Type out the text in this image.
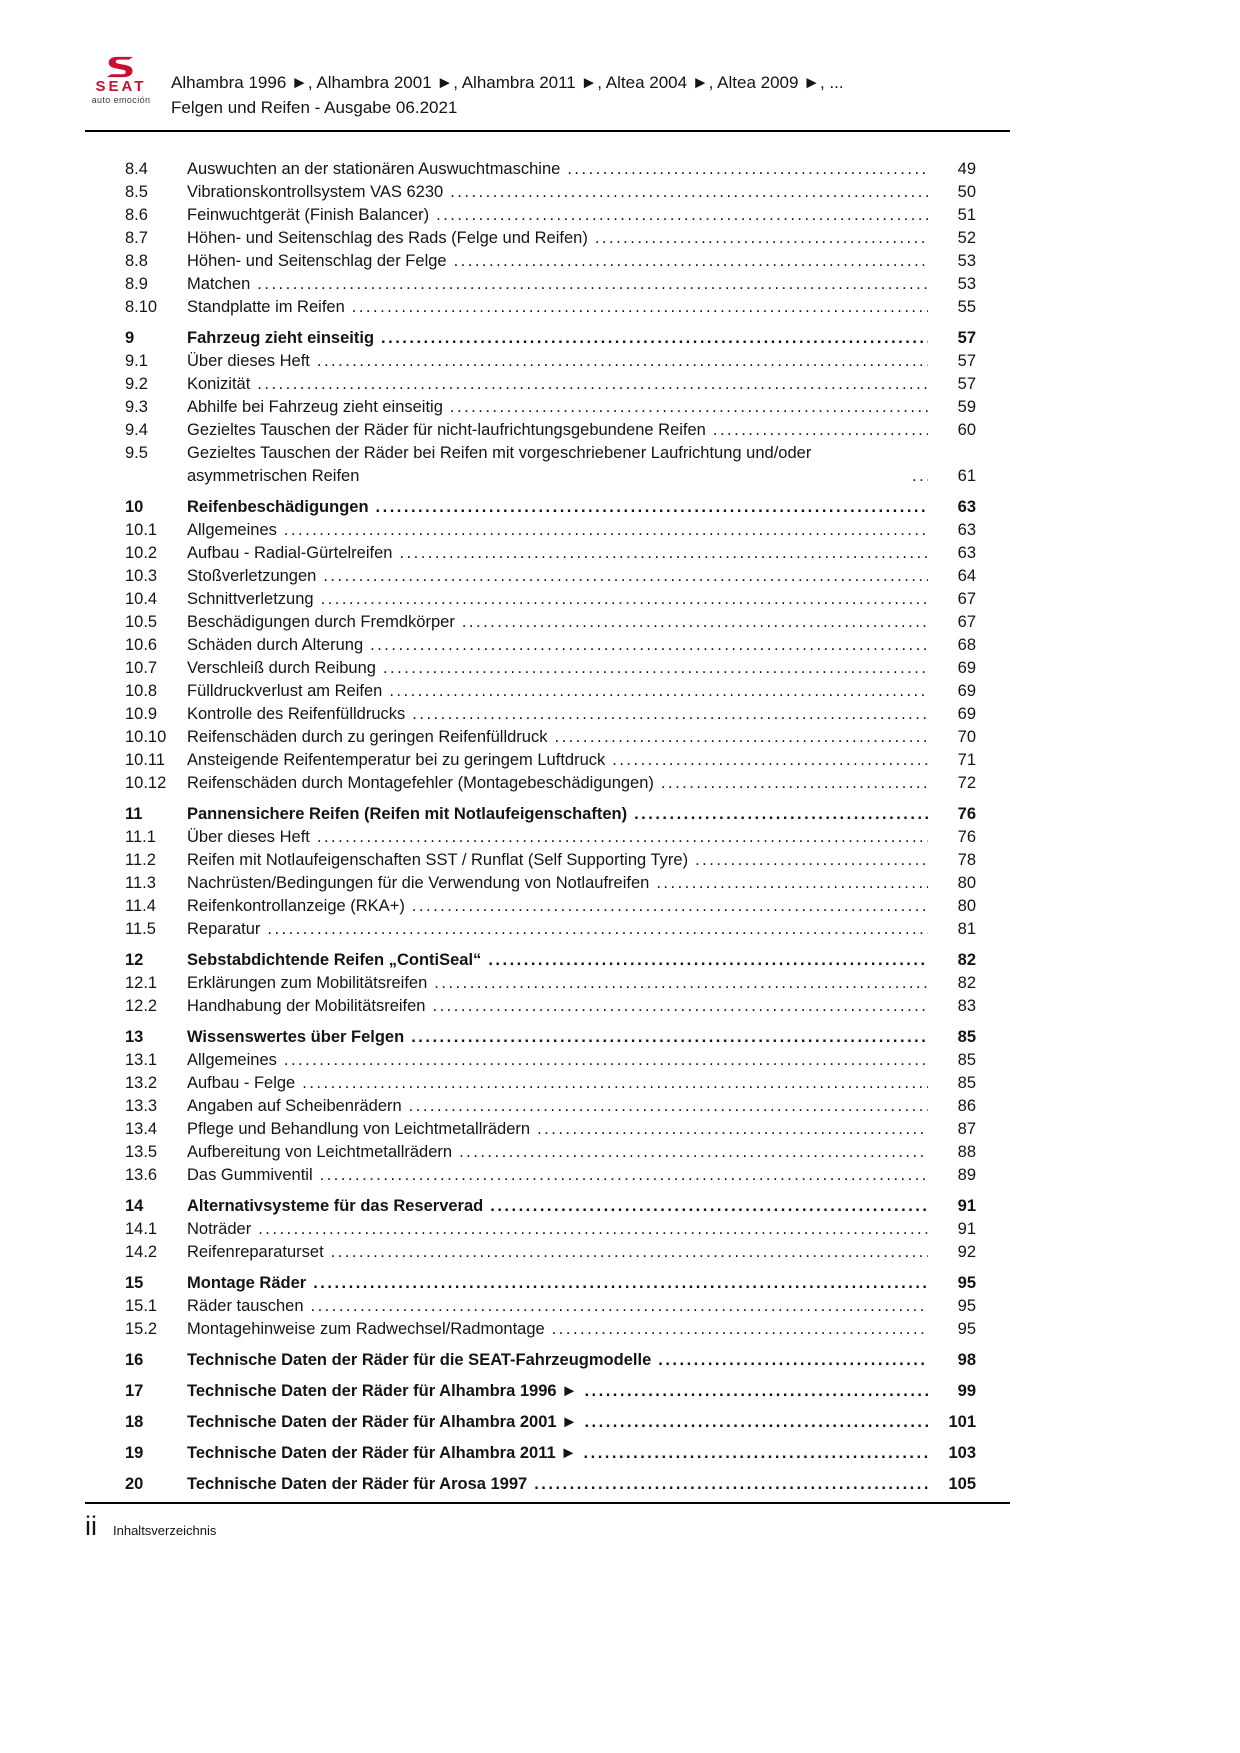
SEAT
auto emoción
Alhambra 1996 ►, Alhambra 2001 ►, Alhambra 2011 ►, Altea 2004 ►, Altea 2009 ►, ...
Felgen und Reifen - Ausgabe 06.2021
8.4	Auswuchten an der stationären Auswuchtmaschine .....	49
8.5	Vibrationskontrollsystem VAS 6230 .....	50
8.6	Feinwuchtgerät (Finish Balancer) .....	51
8.7	Höhen- und Seitenschlag des Rads (Felge und Reifen) .....	52
8.8	Höhen- und Seitenschlag der Felge .....	53
8.9	Matchen .....	53
8.10	Standplatte im Reifen .....	55
9	Fahrzeug zieht einseitig .....	57
9.1	Über dieses Heft .....	57
9.2	Konizität .....	57
9.3	Abhilfe bei Fahrzeug zieht einseitig .....	59
9.4	Gezieltes Tauschen der Räder für nicht-laufrichtungsgebundene Reifen .....	60
9.5	Gezieltes Tauschen der Räder bei Reifen mit vorgeschriebener Laufrichtung und/oder asymmetrischen Reifen .....	61
10	Reifenbeschädigungen .....	63
10.1	Allgemeines .....	63
10.2	Aufbau - Radial-Gürtelreifen .....	63
10.3	Stoßverletzungen .....	64
10.4	Schnittverletzung .....	67
10.5	Beschädigungen durch Fremdkörper .....	67
10.6	Schäden durch Alterung .....	68
10.7	Verschleiß durch Reibung .....	69
10.8	Fülldruckverlust am Reifen .....	69
10.9	Kontrolle des Reifenfülldrucks .....	69
10.10	Reifenschäden durch zu geringen Reifenfülldruck .....	70
10.11	Ansteigende Reifentemperatur bei zu geringem Luftdruck .....	71
10.12	Reifenschäden durch Montagefehler (Montagebeschädigungen) .....	72
11	Pannensichere Reifen (Reifen mit Notlaufeigenschaften) .....	76
11.1	Über dieses Heft .....	76
11.2	Reifen mit Notlaufeigenschaften SST / Runflat (Self Supporting Tyre) .....	78
11.3	Nachrüsten/Bedingungen für die Verwendung von Notlaufreifen .....	80
11.4	Reifenkontrollanzeige (RKA+) .....	80
11.5	Reparatur .....	81
12	Sebstabdichtende Reifen „ContiSeal“ .....	82
12.1	Erklärungen zum Mobilitätsreifen .....	82
12.2	Handhabung der Mobilitätsreifen .....	83
13	Wissenswertes über Felgen .....	85
13.1	Allgemeines .....	85
13.2	Aufbau - Felge .....	85
13.3	Angaben auf Scheibenrädern .....	86
13.4	Pflege und Behandlung von Leichtmetallrädern .....	87
13.5	Aufbereitung von Leichtmetallrädern .....	88
13.6	Das Gummiventil .....	89
14	Alternativsysteme für das Reserverad .....	91
14.1	Noträder .....	91
14.2	Reifenreparaturset .....	92
15	Montage Räder .....	95
15.1	Räder tauschen .....	95
15.2	Montagehinweise zum Radwechsel/Radmontage .....	95
16	Technische Daten der Räder für die SEAT-Fahrzeugmodelle .....	98
17	Technische Daten der Räder für Alhambra 1996 ► .....	99
18	Technische Daten der Räder für Alhambra 2001 ► .....	101
19	Technische Daten der Räder für Alhambra 2011 ► .....	103
20	Technische Daten der Räder für Arosa 1997 .....	105
ii Inhaltsverzeichnis
